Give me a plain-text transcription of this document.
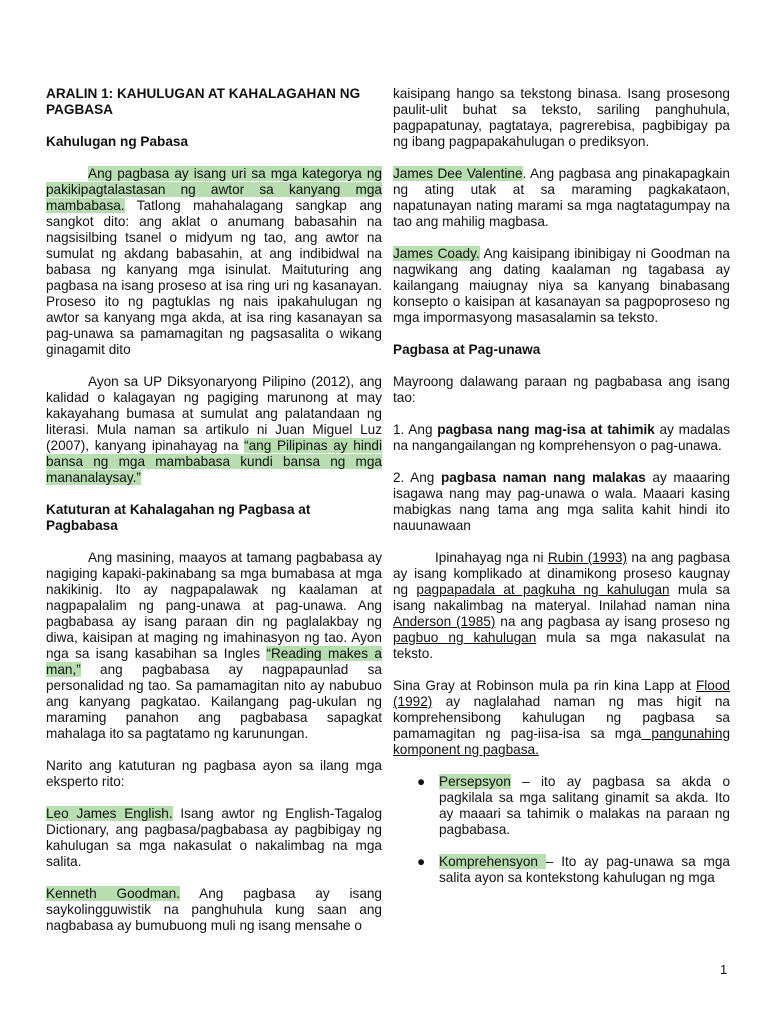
ARALIN 1: KAHULUGAN AT KAHALAGAHAN NG PAGBASA

Kahulugan ng Pabasa

Ang pagbasa ay isang uri sa mga kategorya ng pakikipagtalastasan ng awtor sa kanyang mga mambabasa. Tatlong mahahalagang sangkap ang sangkot dito: ang aklat o anumang babasahin na nagsisilbing tsanel o midyum ng tao, ang awtor na sumulat ng akdang babasahin, at ang indibidwal na babasa ng kanyang mga isinulat. Maituturing ang pagbasa na isang proseso at isa ring uri ng kasanayan. Proseso ito ng pagtuklas ng nais ipakahulugan ng awtor sa kanyang mga akda, at isa ring kasanayan sa pag-unawa sa pamamagitan ng pagsasalita o wikang ginagamit dito

Ayon sa UP Diksyonaryong Pilipino (2012), ang kalidad o kalagayan ng pagiging marunong at may kakayahang bumasa at sumulat ang palatandaan ng literasi. Mula naman sa artikulo ni Juan Miguel Luz (2007), kanyang ipinahayag na “ang Pilipinas ay hindi bansa ng mga mambabasa kundi bansa ng mga mananalaysay.”

Katuturan at Kahalagahan ng Pagbasa at Pagbabasa

Ang masining, maayos at tamang pagbabasa ay nagiging kapaki-pakinabang sa mga bumabasa at mga nakikinig. Ito ay nagpapalawak ng kaalaman at nagpapalalim ng pang-unawa at pag-unawa. Ang pagbabasa ay isang paraan din ng paglalakbay ng diwa, kaisipan at maging ng imahinasyon ng tao. Ayon nga sa isang kasabihan sa Ingles “Reading makes a man,” ang pagbabasa ay nagpapaunlad sa personalidad ng tao. Sa pamamagitan nito ay nabubuo ang kanyang pagkatao. Kailangang pag-ukulan ng maraming panahon ang pagbabasa sapagkat mahalaga ito sa pagtatamo ng karunungan.

Narito ang katuturan ng pagbasa ayon sa ilang mga eksperto rito:

Leo James English. Isang awtor ng English-Tagalog Dictionary, ang pagbasa/pagbabasa ay pagbibigay ng kahulugan sa mga nakasulat o nakalimbag na mga salita.

Kenneth Goodman. Ang pagbasa ay isang saykolingguwistik na panghuhula kung saan ang nagbabasa ay bumubuong muli ng isang mensahe o

kaisipang hango sa tekstong binasa. Isang prosesong paulit-ulit buhat sa teksto, sariling panghuhula, pagpapatunay, pagtataya, pagrerebisa, pagbibigay pa ng ibang pagpapakahulugan o prediksyon.

James Dee Valentine. Ang pagbasa ang pinakapagkain ng ating utak at sa maraming pagkakataon, napatunayan nating marami sa mga nagtatagumpay na tao ang mahilig magbasa.

James Coady. Ang kaisipang ibinibigay ni Goodman na nagwikang ang dating kaalaman ng tagabasa ay kailangang maiugnay niya sa kanyang binabasang konsepto o kaisipan at kasanayan sa pagpoproseso ng mga impormasyong masasalamin sa teksto.

Pagbasa at Pag-unawa

Mayroong dalawang paraan ng pagbabasa ang isang tao:

1. Ang pagbasa nang mag-isa at tahimik ay madalas na nangangailangan ng komprehensyon o pag-unawa.

2. Ang pagbasa naman nang malakas ay maaaring isagawa nang may pag-unawa o wala. Maaari kasing mabigkas nang tama ang mga salita kahit hindi ito nauunawaan

Ipinahayag nga ni Rubin (1993) na ang pagbasa ay isang komplikado at dinamikong proseso kaugnay ng pagpapadala at pagkuha ng kahulugan mula sa isang nakalimbag na materyal. Inilahad naman nina Anderson (1985) na ang pagbasa ay isang proseso ng pagbuo ng kahulugan mula sa mga nakasulat na teksto.

Sina Gray at Robinson mula pa rin kina Lapp at Flood (1992) ay naglalahad naman ng mas higit na komprehensibong kahulugan ng pagbasa sa pamamagitan ng pag-iisa-isa sa mga pangunahing komponent ng pagbasa.

● Persepsyon – ito ay pagbasa sa akda o pagkilala sa mga salitang ginamit sa akda. Ito ay maaari sa tahimik o malakas na paraan ng pagbabasa.
● Komprehensyon – Ito ay pag-unawa sa mga salita ayon sa kontekstong kahulugan ng mga
1
